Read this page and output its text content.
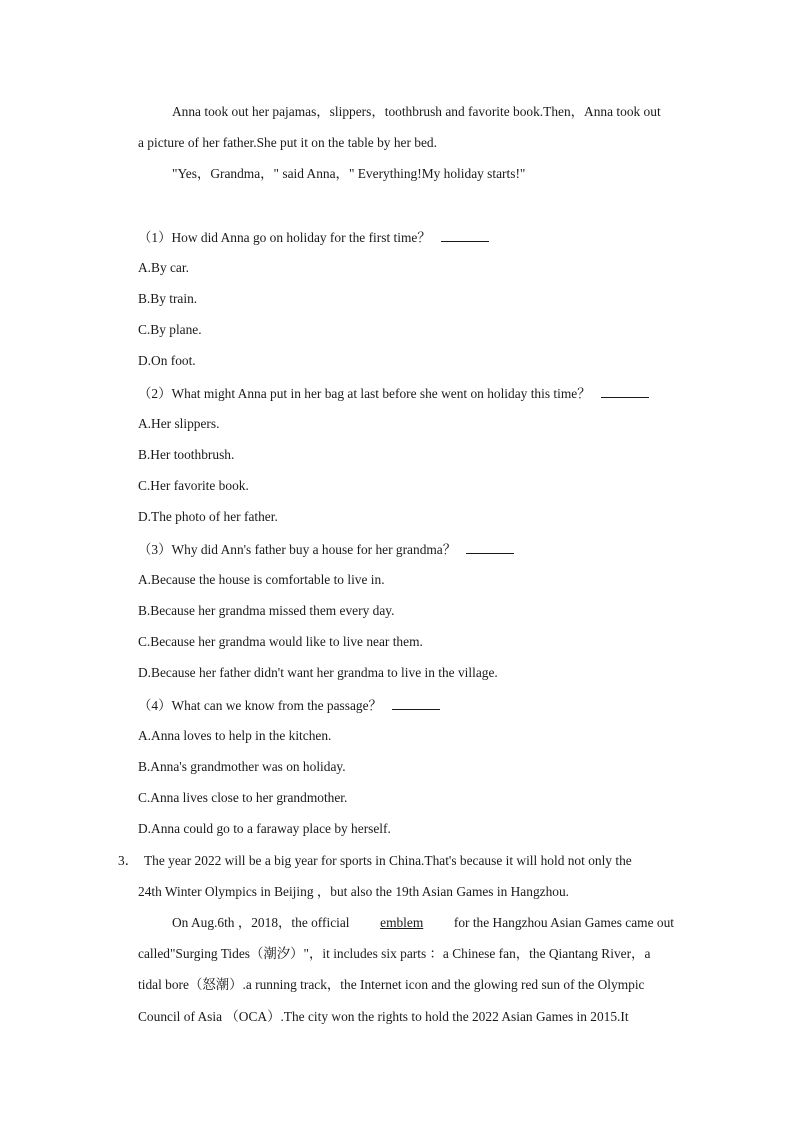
Anna took out her pajamas，slippers，toothbrush and favorite book.Then，Anna took out
a picture of her father.She put it on the table by her bed.
"Yes，Grandma，" said Anna，" Everything!My holiday starts!"
（1）How did Anna go on holiday for the first time？
A.By car.
B.By train.
C.By plane.
D.On foot.
（2）What might Anna put in her bag at last before she went on holiday this time？
A.Her slippers.
B.Her toothbrush.
C.Her favorite book.
D.The photo of her father.
（3）Why did Ann's father buy a house for her grandma？
A.Because the house is comfortable to live in.
B.Because her grandma missed them every day.
C.Because her grandma would like to live near them.
D.Because her father didn't want her grandma to live in the village.
（4）What can we know from the passage？
A.Anna loves to help in the kitchen.
B.Anna's grandmother was on holiday.
C.Anna lives close to her grandmother.
D.Anna could go to a faraway place by herself.
3． The year 2022 will be a big year for sports in China.That's because it will hold not only the
24th Winter Olympics in Beijing ，but also the 19th Asian Games in Hangzhou.
On Aug.6th ，2018，the official emblem for the Hangzhou Asian Games came out
called"Surging Tides（潮汐）"，it includes six parts ：a Chinese fan，the Qiantang River，a
tidal bore（怒潮）.a running track，the Internet icon and the glowing red sun of the Olympic
Council of Asia （OCA）.The city won the rights to hold the 2022 Asian Games in 2015.It
